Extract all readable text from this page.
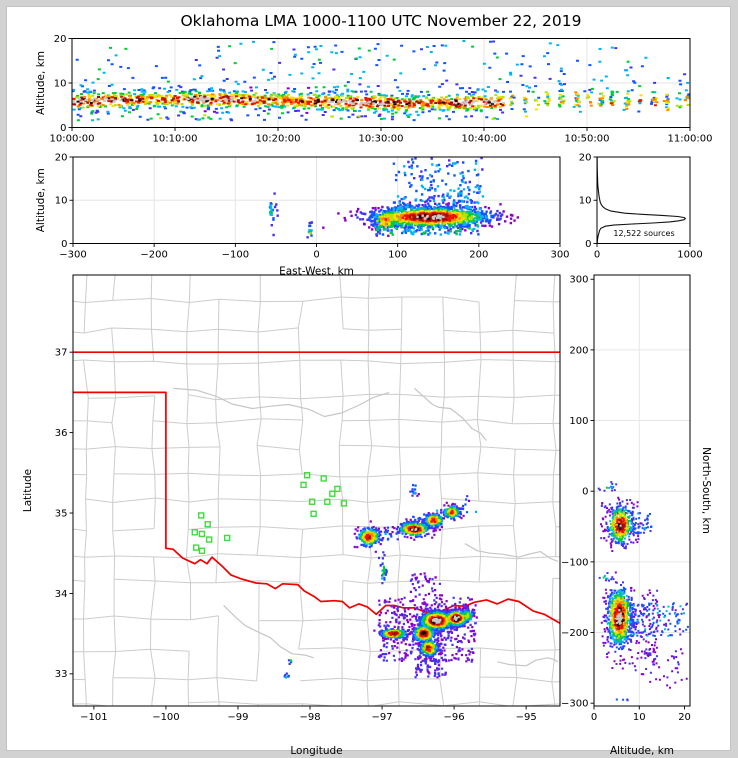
Oklahoma LMA 1000-1100 UTC November 22, 2019
10:00:00	10:10:00	10:20:00	10:30:00	10:40:00	10:50:00	11:00:00
0
10
20
Altitude, km
−300	−200	−100	0	100	200	300
0
10
20
East-West, km
Altitude, km
12,522 sources
0	1000
0
10
20
−101	−100	−99	−98	−97	−96	−95
33
34
35
36
37
Longitude
Latitude
0	10	20
300
200
100
0
−100
−200
−300
Altitude, km
North-South, km
